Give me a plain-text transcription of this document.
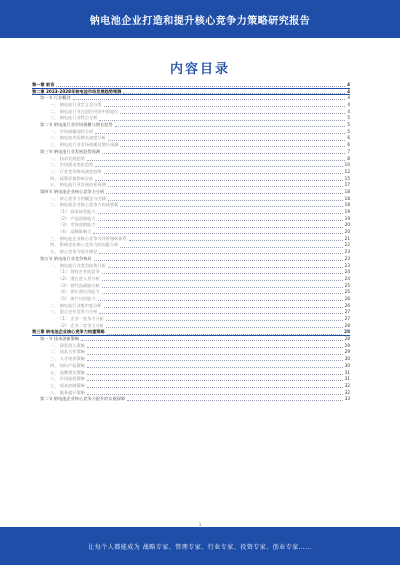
钠电池企业打造和提升核心竞争力策略研究报告
内容目录
第一章 前言	4
第二章 2023-2028年钠电池市场发展趋势预测	4
第一节 行业概述	4
一、 钠电池行业定义及分类	4
二、 钠电池行业在国民经济中的地位	4
三、 钠电池行业特点分析	5
第二节 钠电池行业市场规模与增长趋势	5
一、 市场规模现状分析	5
二、 钠电池市场增长速度分析	6
三、 钠电池行业市场规模及增长预测	6
第三节 钠电池行业发展趋势预测	7
一、 技术发展趋势	8
二、 市场需求变化趋势	10
三、 行业竞争格局演变趋势	12
四、 政策环境影响分析	15
五、 钠电池行业发展前景预测	17
第四节 钠电池企业核心竞争力分析	18
一、 核心竞争力的概念与内涵	18
二、 钠电池企业核心竞争力构成要素	18
（1） 技术研发能力	19
（2） 产品创新能力	19
（3） 市场营销能力	20
（4） 品牌影响力	20
三、 钠电池企业核心竞争力评价指标体系	21
四、 影响企业核心竞争力的因素分析	22
五、 核心竞争力提升路径	23
第五节 钠电池行业竞争格局	23
一、 钠电池行业竞争结构分析	23
（1） 现有企业间竞争	24
（2） 潜在进入者分析	24
（3） 替代品威胁分析	25
（4） 供应商议价能力	25
（5） 客户议价能力	26
二、 钠电池行业集中度分析	26
三、 重点企业竞争力分析	27
（1） 企业一竞争力分析	27
（2） 企业二竞争力分析	28
第三章 钠电池企业核心竞争力构建策略	28
第一节 技术创新策略	28
一、 研发投入策略	29
二、 技术合作策略	29
三、 人才培养策略	30
四、 知识产权策略	30
五、 品牌建设策略	31
六、 市场拓展策略	31
七、 成本控制策略	32
八、 服务提升策略	32
第二节 钠电池企业核心竞争力提升的实施保障	33
1
让每个人都能成为 战略专家、管理专家、行业专家、投资专家、创业专家……
